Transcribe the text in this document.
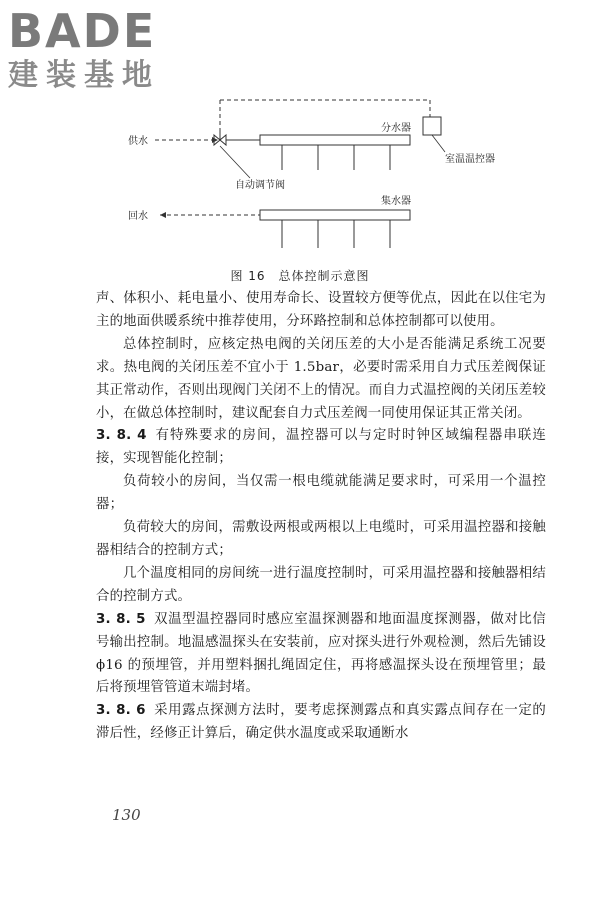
BADE
建装基地
供水
回水
分水器
集水器
室温温控器
自动调节阀
图 16　总体控制示意图

声、体积小、耗电量小、使用寿命长、设置较方便等优点，因此在以住宅为主的地面供暖系统中推荐使用，分环路控制和总体控制都可以使用。

总体控制时，应核定热电阀的关闭压差的大小是否能满足系统工况要求。热电阀的关闭压差不宜小于 1.5bar，必要时需采用自力式压差阀保证其正常动作，否则出现阀门关闭不上的情况。而自力式温控阀的关闭压差较小，在做总体控制时，建议配套自力式压差阀一同使用保证其正常关闭。

3. 8. 4 有特殊要求的房间，温控器可以与定时时钟区域编程器串联连接，实现智能化控制；

负荷较小的房间，当仅需一根电缆就能满足要求时，可采用一个温控器；

负荷较大的房间，需敷设两根或两根以上电缆时，可采用温控器和接触器相结合的控制方式；

几个温度相同的房间统一进行温度控制时，可采用温控器和接触器相结合的控制方式。

3. 8. 5 双温型温控器同时感应室温探测器和地面温度探测器，做对比信号输出控制。地温感温探头在安装前，应对探头进行外观检测，然后先铺设 ϕ16 的预埋管，并用塑料捆扎绳固定住，再将感温探头设在预埋管里；最后将预埋管管道末端封堵。

3. 8. 6 采用露点探测方法时，要考虑探测露点和真实露点间存在一定的滞后性，经修正计算后，确定供水温度或采取通断水

130
